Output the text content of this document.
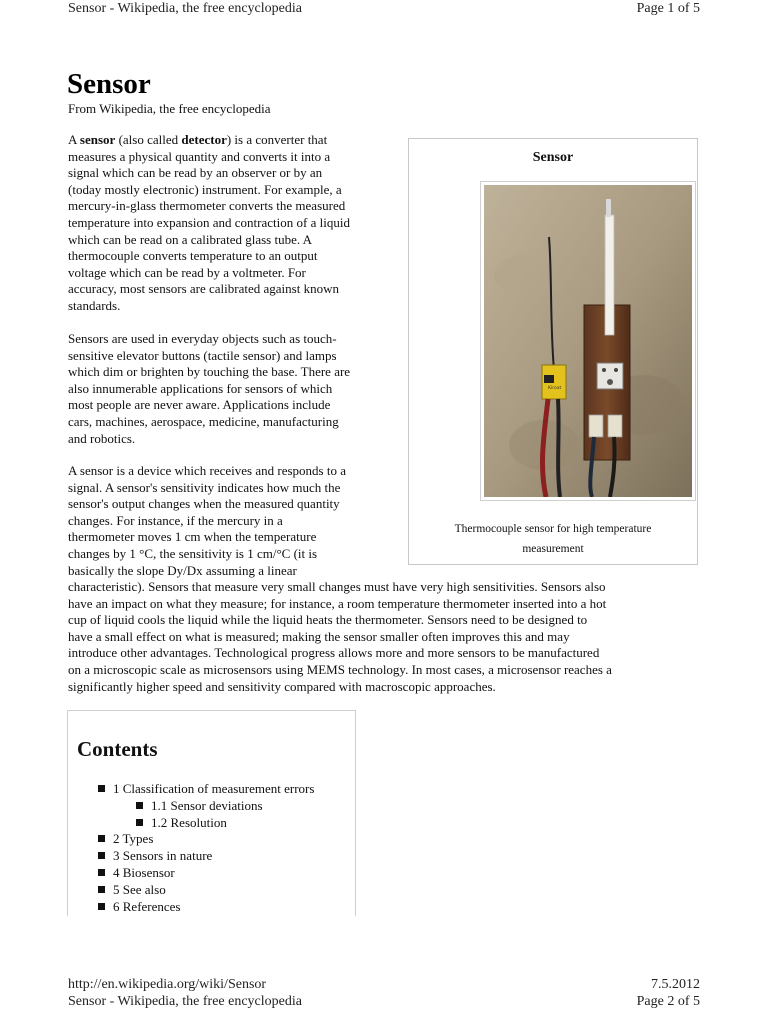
Sensor - Wikipedia, the free encyclopedia	Page 1 of 5
Sensor
From Wikipedia, the free encyclopedia
A sensor (also called detector) is a converter that
measures a physical quantity and converts it into a
signal which can be read by an observer or by an
(today mostly electronic) instrument. For example, a
mercury-in-glass thermometer converts the measured
temperature into expansion and contraction of a liquid
which can be read on a calibrated glass tube. A
thermocouple converts temperature to an output
voltage which can be read by a voltmeter. For
accuracy, most sensors are calibrated against known
standards.
Sensors are used in everyday objects such as touch-
sensitive elevator buttons (tactile sensor) and lamps
which dim or brighten by touching the base. There are
also innumerable applications for sensors of which
most people are never aware. Applications include
cars, machines, aerospace, medicine, manufacturing
and robotics.
A sensor is a device which receives and responds to a
signal. A sensor's sensitivity indicates how much the
sensor's output changes when the measured quantity
changes. For instance, if the mercury in a
thermometer moves 1 cm when the temperature
changes by 1 °C, the sensitivity is 1 cm/°C (it is
basically the slope Dy/Dx assuming a linear
characteristic). Sensors that measure very small changes must have very high sensitivities. Sensors also
have an impact on what they measure; for instance, a room temperature thermometer inserted into a hot
cup of liquid cools the liquid while the liquid heats the thermometer. Sensors need to be designed to
have a small effect on what is measured; making the sensor smaller often improves this and may
introduce other advantages. Technological progress allows more and more sensors to be manufactured
on a microscopic scale as microsensors using MEMS technology. In most cases, a microsensor reaches a
significantly higher speed and sensitivity compared with macroscopic approaches.
Sensor
Kiroat
Thermocouple sensor for high temperature
measurement
Contents
1 Classification of measurement errors
1.1 Sensor deviations
1.2 Resolution
2 Types
3 Sensors in nature
4 Biosensor
5 See also
6 References
http://en.wikipedia.org/wiki/Sensor	7.5.2012
Sensor - Wikipedia, the free encyclopedia	Page 2 of 5
